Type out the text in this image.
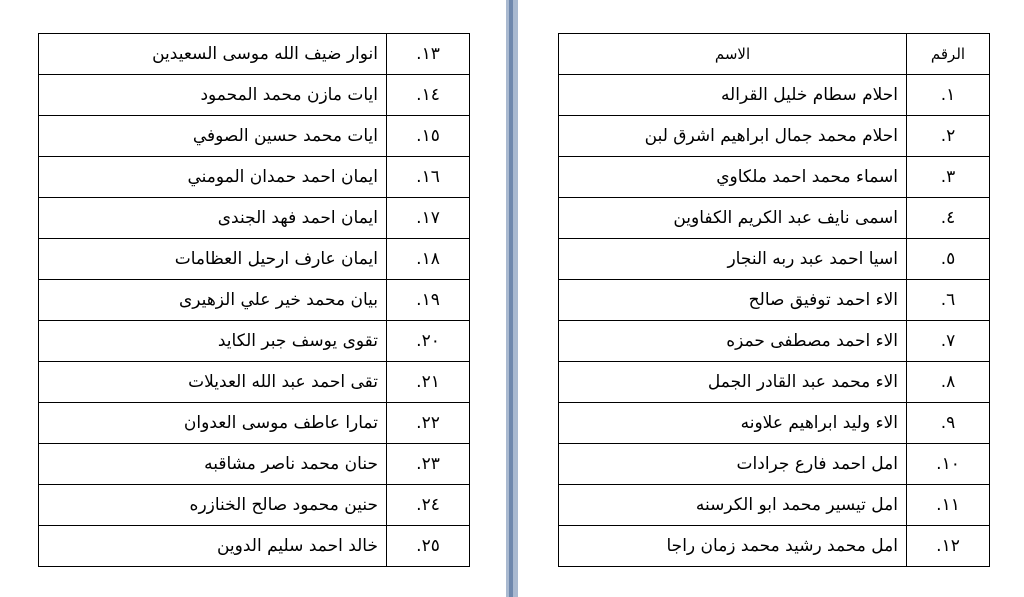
١٣.	انوار ضيف الله موسى السعيدين
١٤.	ايات مازن محمد المحمود
١٥.	ايات محمد حسين الصوفي
١٦.	ايمان احمد حمدان المومني
١٧.	ايمان احمد فهد الجندى
١٨.	ايمان عارف ارحيل العظامات
١٩.	بيان محمد خير علي الزهيرى
٢٠.	تقوى يوسف جبر الكايد
٢١.	تقى احمد عبد الله العديلات
٢٢.	تمارا عاطف موسى العدوان
٢٣.	حنان محمد ناصر مشاقبه
٢٤.	حنين محمود صالح الخنازره
٢٥.	خالد احمد سليم الدوين
الرقم	الاسم
١.	احلام سطام خليل القراله
٢.	احلام محمد جمال ابراهيم اشرق لبن
٣.	اسماء محمد احمد ملكاوي
٤.	اسمى نايف عبد الكريم الكفاوين
٥.	اسيا احمد عبد ربه النجار
٦.	الاء احمد توفيق صالح
٧.	الاء احمد مصطفى حمزه
٨.	الاء محمد عبد القادر الجمل
٩.	الاء وليد ابراهيم علاونه
١٠.	امل احمد فارع جرادات
١١.	امل تيسير محمد ابو الكرسنه
١٢.	امل محمد رشيد محمد زمان راجا
